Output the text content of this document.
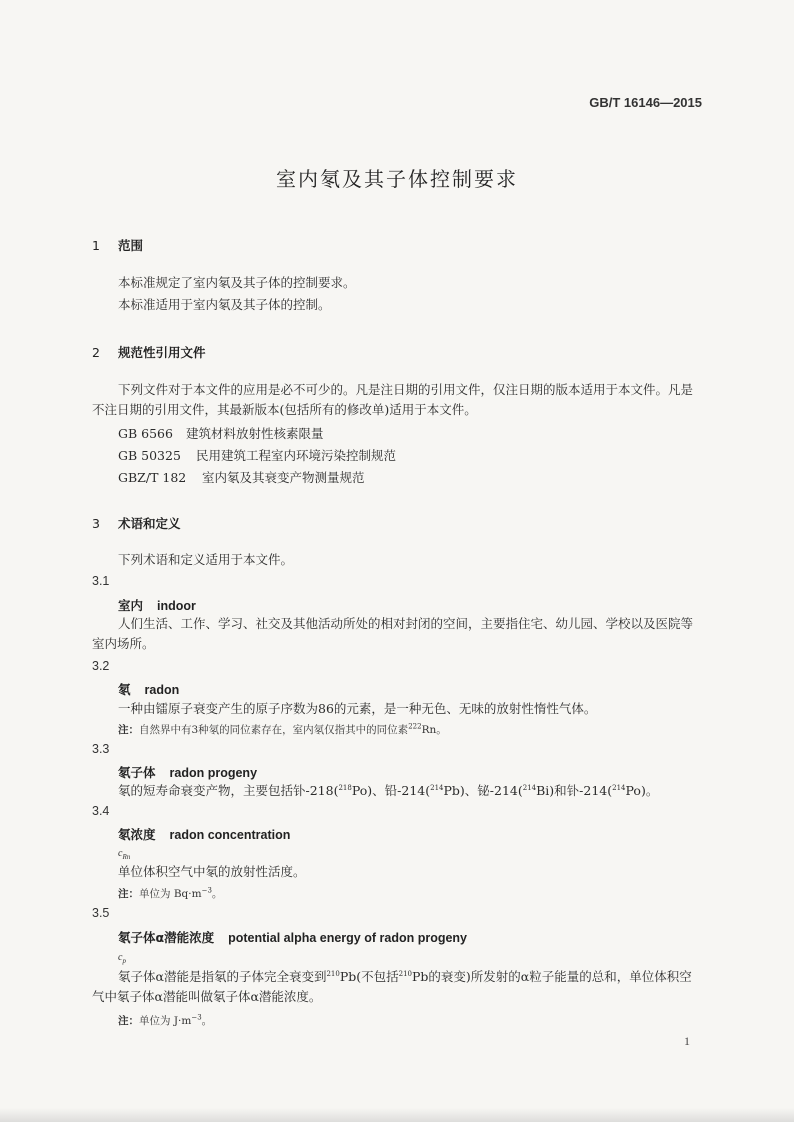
GB/T 16146—2015
室内氡及其子体控制要求
1 范围
本标准规定了室内氡及其子体的控制要求。
本标准适用于室内氡及其子体的控制。
2 规范性引用文件
下列文件对于本文件的应用是必不可少的。凡是注日期的引用文件，仅注日期的版本适用于本文件。凡是不注日期的引用文件，其最新版本(包括所有的修改单)适用于本文件。
GB 6566 建筑材料放射性核素限量
GB 50325 民用建筑工程室内环境污染控制规范
GBZ/T 182 室内氡及其衰变产物测量规范
3 术语和定义
下列术语和定义适用于本文件。
3.1
室内 indoor
人们生活、工作、学习、社交及其他活动所处的相对封闭的空间，主要指住宅、幼儿园、学校以及医院等室内场所。
3.2
氡 radon
一种由镭原子衰变产生的原子序数为86的元素，是一种无色、无味的放射性惰性气体。
注：自然界中有3种氡的同位素存在，室内氡仅指其中的同位素$^{222}$Rn。
3.3
氡子体 radon progeny
氡的短寿命衰变产物，主要包括钋-218($^{218}$Po)、铅-214($^{214}$Pb)、铋-214($^{214}$Bi)和钋-214($^{214}$Po)。
3.4
氡浓度 radon concentration
$c_{Rn}$
单位体积空气中氡的放射性活度。
注：单位为 $Bq\cdot m^{-3}$。
3.5
氡子体α潜能浓度 potential alpha energy of radon progeny
$c_p$
氡子体α潜能是指氡的子体完全衰变到$^{210}$Pb(不包括$^{210}$Pb的衰变)所发射的α粒子能量的总和，单位体积空气中氡子体α潜能叫做氡子体α潜能浓度。
注：单位为 $J\cdot m^{-3}$。
1
